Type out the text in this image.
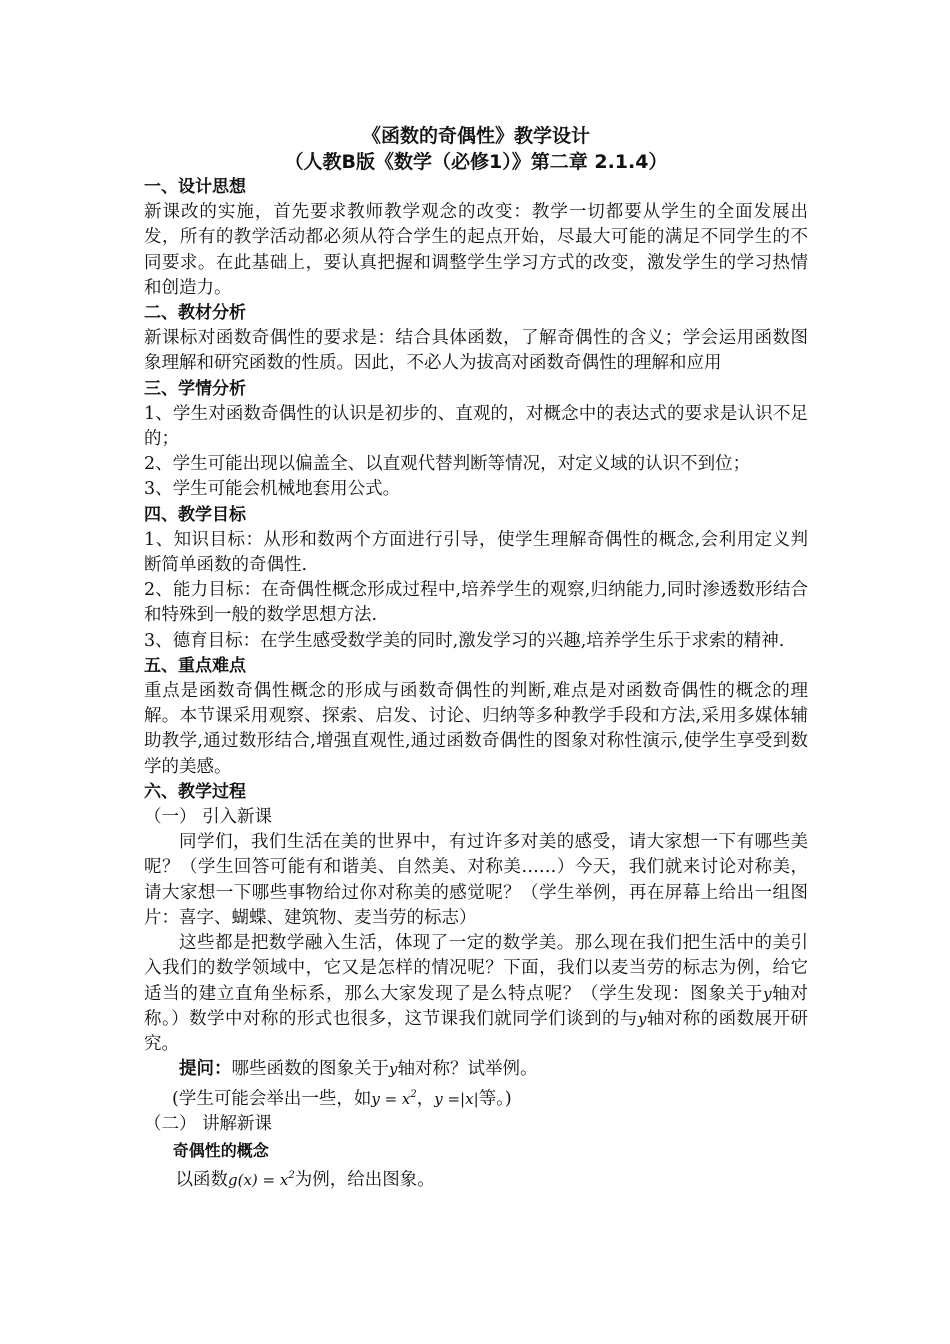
《函数的奇偶性》教学设计
（人教B版《数学（必修1）》第二章 2.1.4）
一、设计思想
新课改的实施，首先要求教师教学观念的改变：教学一切都要从学生的全面发展出发，所有的教学活动都必须从符合学生的起点开始，尽最大可能的满足不同学生的不同要求。在此基础上，要认真把握和调整学生学习方式的改变，激发学生的学习热情和创造力。
二、教材分析
新课标对函数奇偶性的要求是：结合具体函数，了解奇偶性的含义；学会运用函数图象理解和研究函数的性质。因此，不必人为拔高对函数奇偶性的理解和应用
三、学情分析
1、学生对函数奇偶性的认识是初步的、直观的，对概念中的表达式的要求是认识不足的；
2、学生可能出现以偏盖全、以直观代替判断等情况，对定义域的认识不到位；
3、学生可能会机械地套用公式。
四、教学目标
1、知识目标：从形和数两个方面进行引导，使学生理解奇偶性的概念,会利用定义判断简单函数的奇偶性.
2、能力目标：在奇偶性概念形成过程中,培养学生的观察,归纳能力,同时渗透数形结合和特殊到一般的数学思想方法.
3、德育目标：在学生感受数学美的同时,激发学习的兴趣,培养学生乐于求索的精神.
五、重点难点
重点是函数奇偶性概念的形成与函数奇偶性的判断,难点是对函数奇偶性的概念的理解。本节课采用观察、探索、启发、讨论、归纳等多种教学手段和方法,采用多媒体辅助教学,通过数形结合,增强直观性,通过函数奇偶性的图象对称性演示,使学生享受到数学的美感。
六、教学过程
（一） 引入新课
同学们，我们生活在美的世界中，有过许多对美的感受，请大家想一下有哪些美呢？（学生回答可能有和谐美、自然美、对称美……）今天，我们就来讨论对称美，请大家想一下哪些事物给过你对称美的感觉呢？（学生举例，再在屏幕上给出一组图片：喜字、蝴蝶、建筑物、麦当劳的标志）
这些都是把数学融入生活，体现了一定的数学美。那么现在我们把生活中的美引入我们的数学领域中，它又是怎样的情况呢？下面，我们以麦当劳的标志为例，给它适当的建立直角坐标系，那么大家发现了是么特点呢？（学生发现：图象关于y轴对称。）数学中对称的形式也很多，这节课我们就同学们谈到的与y轴对称的函数展开研究。
提问：哪些函数的图象关于y轴对称？试举例。
(学生可能会举出一些，如$y = x^2$，y =|x|等。)
（二） 讲解新课
奇偶性的概念
以函数$g(x) = x^2$为例，给出图象。
